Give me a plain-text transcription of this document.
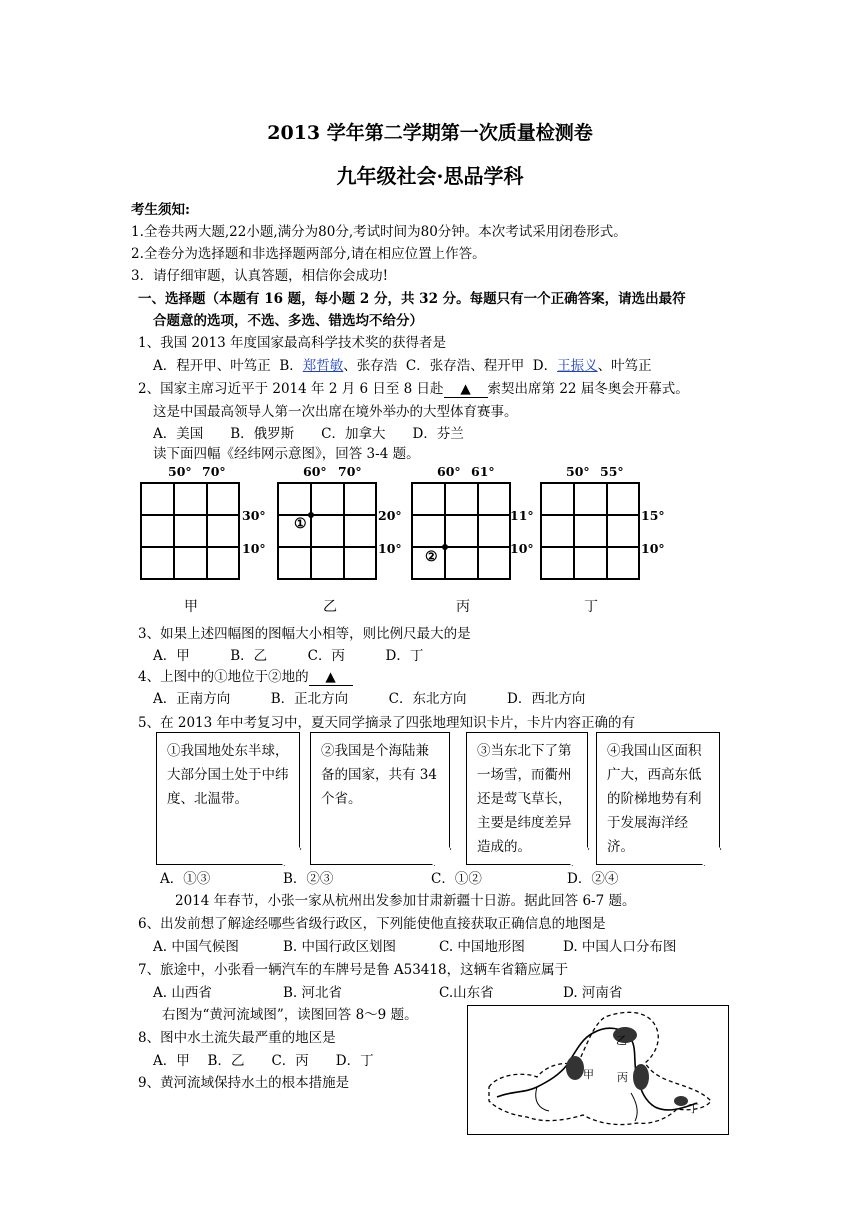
2013 学年第二学期第一次质量检测卷
九年级社会·思品学科
考生须知:
1.全卷共两大题,22小题,满分为80分,考试时间为80分钟。本次考试采用闭卷形式。
2.全卷分为选择题和非选择题两部分,请在相应位置上作答。
3．请仔细审题，认真答题，相信你会成功!
一、选择题（本题有 16 题，每小题 2 分，共 32 分。每题只有一个正确答案，请选出最符
合题意的选项，不选、多选、错选均不给分）
1、我国 2013 年度国家最高科学技术奖的获得者是
A．程开甲、叶笃正 B．郑哲敏、张存浩 C．张存浩、程开甲 D．王振义、叶笃正
2、国家主席习近平于 2014 年 2 月 6 日至 8 日赴 ▲ 索契出席第 22 届冬奥会开幕式。
这是中国最高领导人第一次出席在境外举办的大型体育赛事。
A．美国　　B．俄罗斯　　C．加拿大　　D．芬兰
读下面四幅《经纬网示意图》，回答 3-4 题。
50° 70°
30°
10°
甲
60° 70°
20°
10°
①
乙
60° 61°
11°
10°
②
丙
50° 55°
15°
10°
丁
3、如果上述四幅图的图幅大小相等，则比例尺最大的是
A．甲　　　B．乙　　　C．丙　　　D．丁
4、上图中的①地位于②地的 ▲
A．正南方向　　　B．正北方向　　　C．东北方向　　　D．西北方向
5、在 2013 年中考复习中，夏天同学摘录了四张地理知识卡片，卡片内容正确的有
①我国地处东半球，大部分国土处于中纬度、北温带。
②我国是个海陆兼备的国家，共有 34 个省。
③当东北下了第一场雪，而衢州还是莺飞草长，主要是纬度差异造成的。
④我国山区面积广大，西高东低的阶梯地势有利于发展海洋经济。
A．①③	B．②③	C．①②	D．②④
2014 年春节，小张一家从杭州出发参加甘肃新疆十日游。据此回答 6-7 题。
6、出发前想了解途经哪些省级行政区，下列能使他直接获取正确信息的地图是
A. 中国气候图	B. 中国行政区划图	C. 中国地形图	D. 中国人口分布图
7、旅途中，小张看一辆汽车的车牌号是鲁 A53418，这辆车省籍应属于
A. 山西省	B. 河北省	C.山东省	D. 河南省
右图为“黄河流域图”，读图回答 8～9 题。
8、图中水土流失最严重的地区是
A．甲　 B．乙　　C．丙　　D．丁
9、黄河流域保持水土的根本措施是
甲
乙
丙
丁
